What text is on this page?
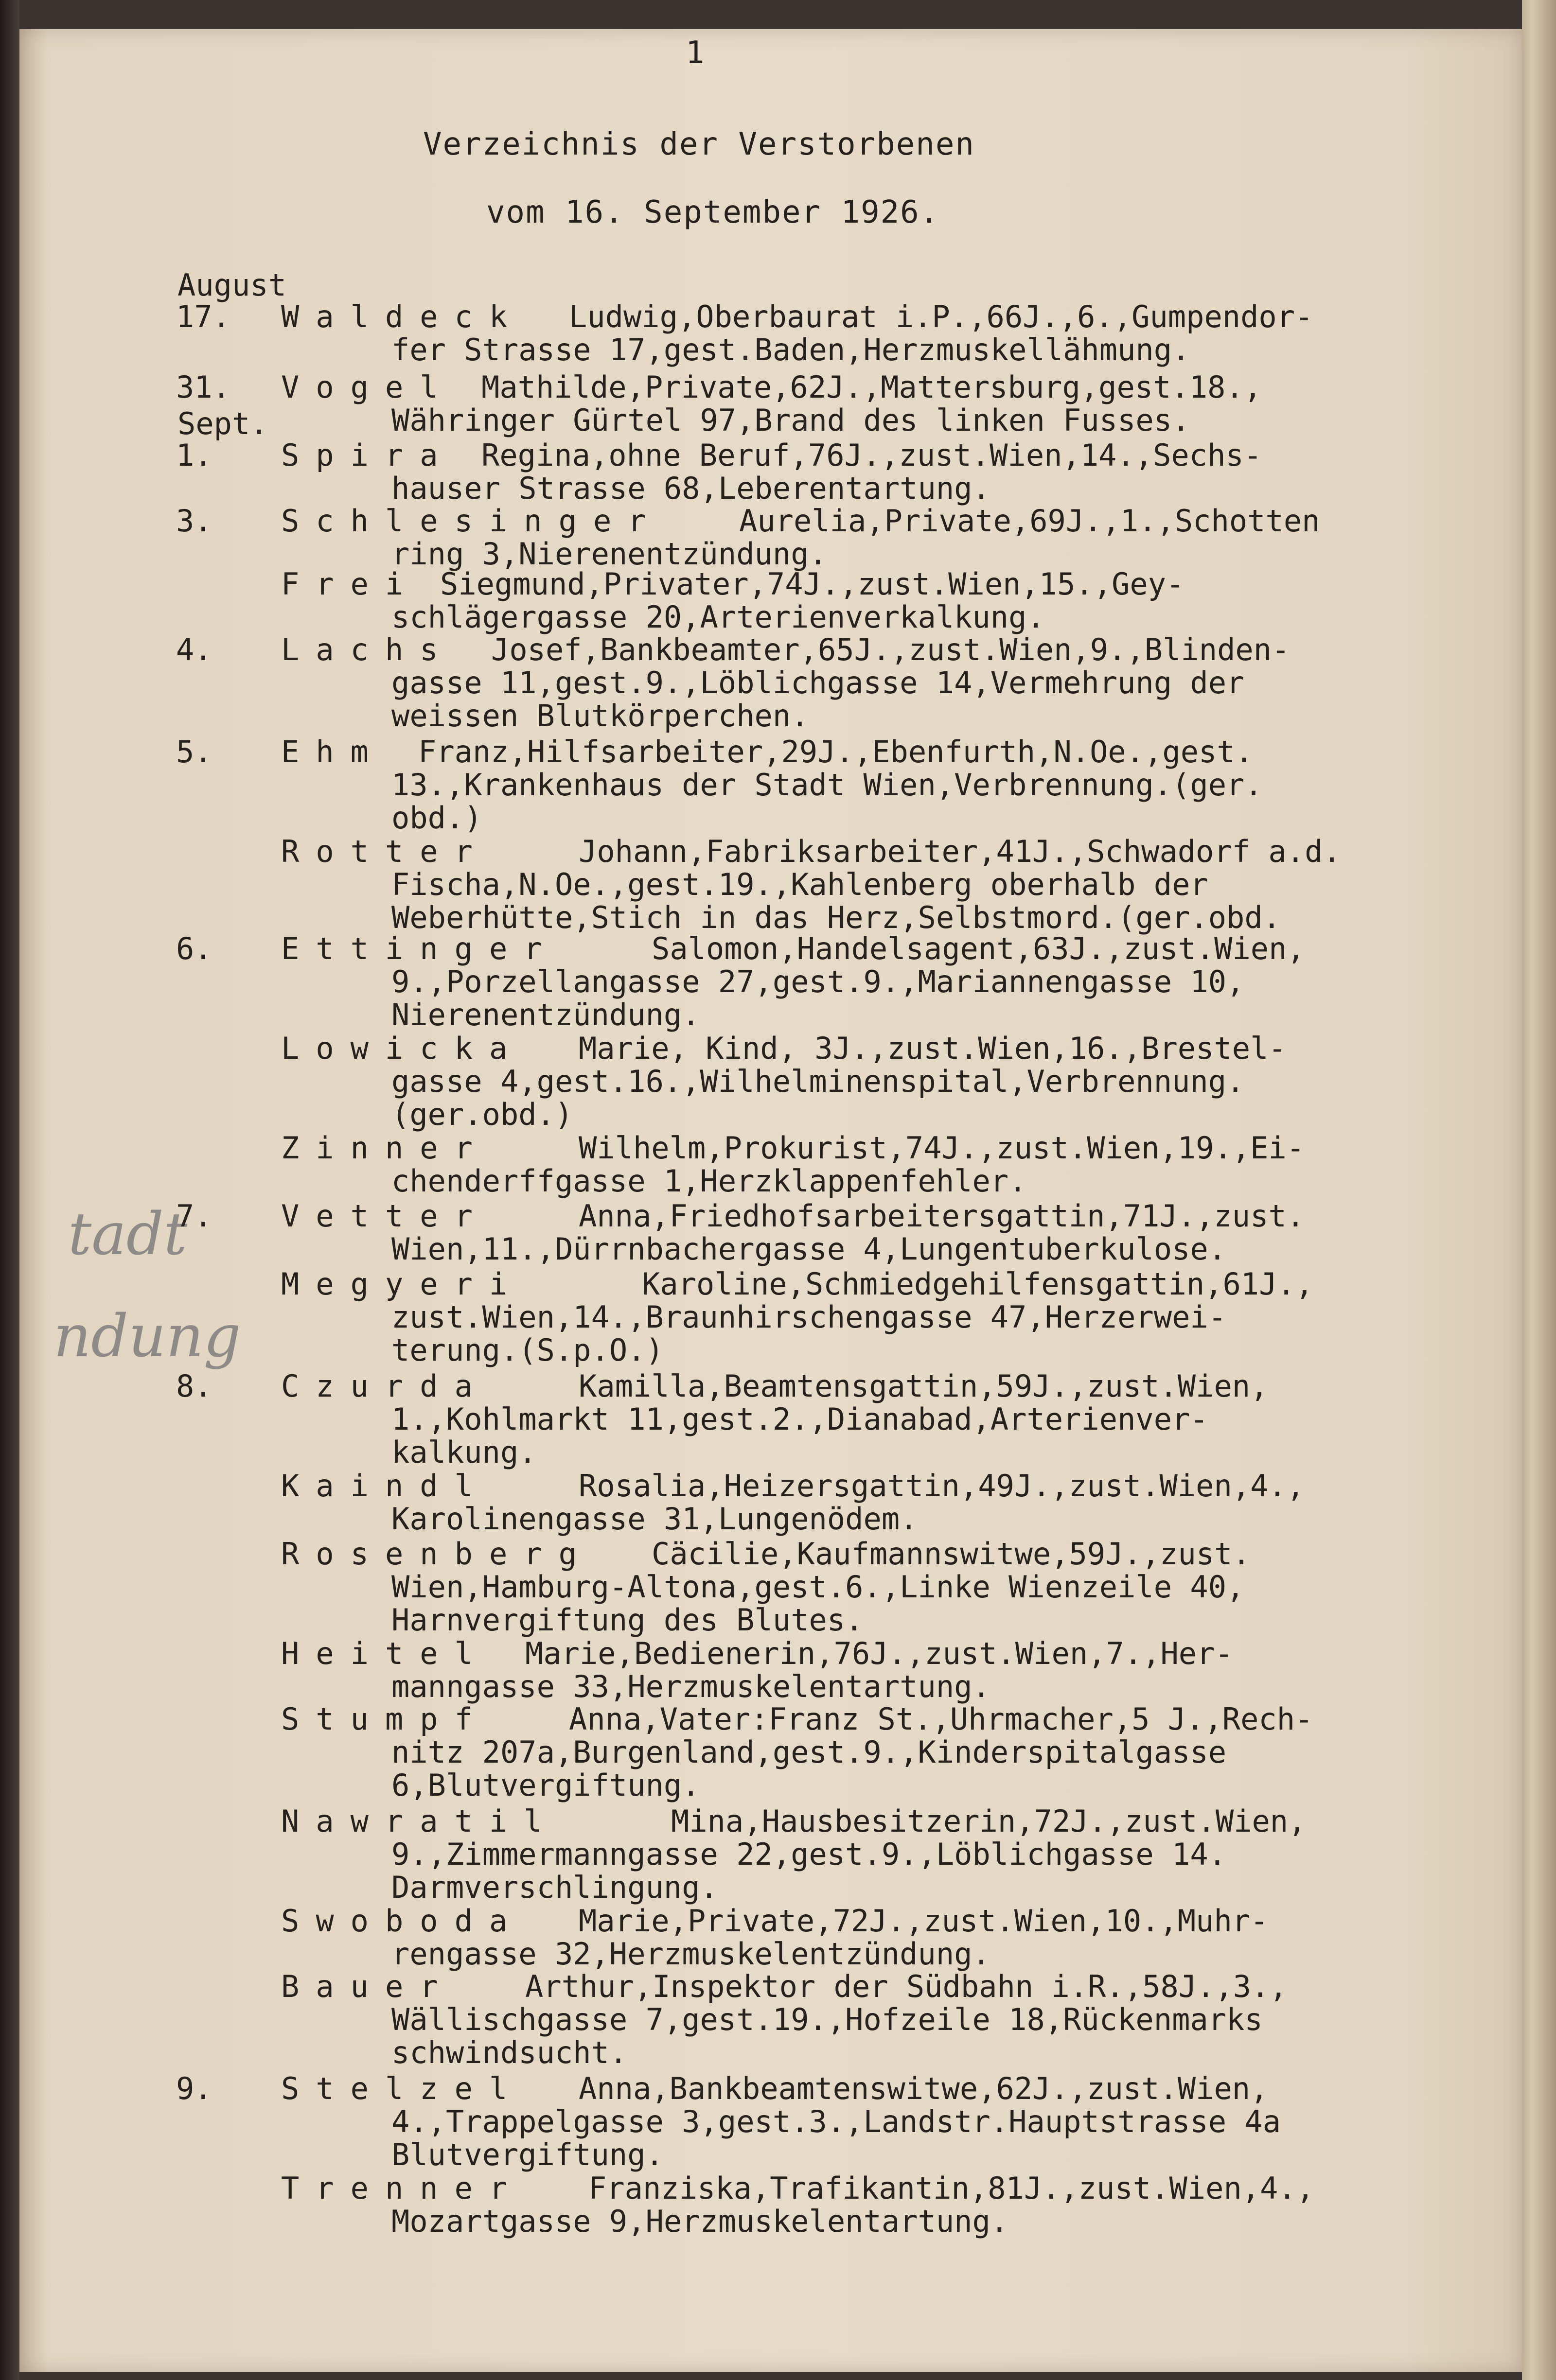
1
Verzeichnis der Verstorbenen
vom 16. September 1926.
August
Sept.
tadt
ndung
17. Waldeck Ludwig,Oberbaurat i.P.,66J.,6.,Gumpendor-
fer Strasse 17,gest.Baden,Herzmuskellähmung.
31. Vogel Mathilde,Private,62J.,Mattersburg,gest.18.,
Währinger Gürtel 97,Brand des linken Fusses.
1. Spira Regina,ohne Beruf,76J.,zust.Wien,14.,Sechs-
hauser Strasse 68,Leberentartung.
3. Schlesinger	Aurelia,Private,69J.,1.,Schotten
ring 3,Nierenentzündung.
Frei Siegmund,Privater,74J.,zust.Wien,15.,Gey-
schlägergasse 20,Arterienverkalkung.
4. Lachs Josef,Bankbeamter,65J.,zust.Wien,9.,Blinden-
gasse 11,gest.9.,Löblichgasse 14,Vermehrung der
weissen Blutkörperchen.
5. Ehm Franz,Hilfsarbeiter,29J.,Ebenfurth,N.Oe.,gest.
13.,Krankenhaus der Stadt Wien,Verbrennung.(ger.
obd.)
Rotter	Johann,Fabriksarbeiter,41J.,Schwadorf a.d.
Fischa,N.Oe.,gest.19.,Kahlenberg oberhalb der
Weberhütte,Stich in das Herz,Selbstmord.(ger.obd.
6. Ettinger	Salomon,Handelsagent,63J.,zust.Wien,
9.,Porzellangasse 27,gest.9.,Mariannengasse 10,
Nierenentzündung.
Lowicka Marie, Kind, 3J.,zust.Wien,16.,Brestel-
gasse 4,gest.16.,Wilhelminenspital,Verbrennung.
(ger.obd.)
Zinner	Wilhelm,Prokurist,74J.,zust.Wien,19.,Ei-
chenderffgasse 1,Herzklappenfehler.
7. Vetter	Anna,Friedhofsarbeitersgattin,71J.,zust.
Wien,11.,Dürrnbachergasse 4,Lungentuberkulose.
Megyeri	Karoline,Schmiedgehilfensgattin,61J.,
zust.Wien,14.,Braunhirschengasse 47,Herzerwei-
terung.(S.p.O.)
8. Czurda	Kamilla,Beamtensgattin,59J.,zust.Wien,
1.,Kohlmarkt 11,gest.2.,Dianabad,Arterienver-
kalkung.
Kaindl	Rosalia,Heizersgattin,49J.,zust.Wien,4.,
Karolinengasse 31,Lungenödem.
Rosenberg Cäcilie,Kaufmannswitwe,59J.,zust.
Wien,Hamburg-Altona,gest.6.,Linke Wienzeile 40,
Harnvergiftung des Blutes.
Heitel Marie,Bedienerin,76J.,zust.Wien,7.,Her-
manngasse 33,Herzmuskelentartung.
Stumpf	Anna,Vater:Franz St.,Uhrmacher,5 J.,Rech-
nitz 207a,Burgenland,gest.9.,Kinderspitalgasse
6,Blutvergiftung.
Nawratil	Mina,Hausbesitzerin,72J.,zust.Wien,
9.,Zimmermanngasse 22,gest.9.,Löblichgasse 14.
Darmverschlingung.
Swoboda Marie,Private,72J.,zust.Wien,10.,Muhr-
rengasse 32,Herzmuskelentzündung.
Bauer Arthur,Inspektor der Südbahn i.R.,58J.,3.,
Wällischgasse 7,gest.19.,Hofzeile 18,Rückenmarks
schwindsucht.
9. Stelzel Anna,Bankbeamtenswitwe,62J.,zust.Wien,
4.,Trappelgasse 3,gest.3.,Landstr.Hauptstrasse 4a
Blutvergiftung.
Trenner Franziska,Trafikantin,81J.,zust.Wien,4.,
Mozartgasse 9,Herzmuskelentartung.
